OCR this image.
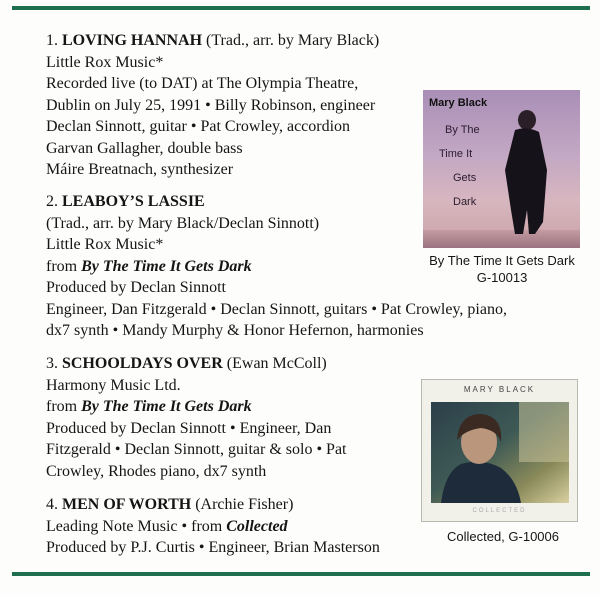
1. LOVING HANNAH (Trad., arr. by Mary Black)
Little Rox Music*
Recorded live (to DAT) at The Olympia Theatre,
Dublin on July 25, 1991 • Billy Robinson, engineer
Declan Sinnott, guitar • Pat Crowley, accordion
Garvan Gallagher, double bass
Máire Breatnach, synthesizer
2. LEABOY’S LASSIE
(Trad., arr. by Mary Black/Declan Sinnott)
Little Rox Music*
from By The Time It Gets Dark
Produced by Declan Sinnott
Engineer, Dan Fitzgerald • Declan Sinnott, guitars • Pat Crowley, piano,
dx7 synth • Mandy Murphy & Honor Hefernon, harmonies
3. SCHOOLDAYS OVER (Ewan McColl)
Harmony Music Ltd.
from By The Time It Gets Dark
Produced by Declan Sinnott • Engineer, Dan
Fitzgerald • Declan Sinnott, guitar & solo • Pat
Crowley, Rhodes piano, dx7 synth
4. MEN OF WORTH (Archie Fisher)
Leading Note Music • from Collected
Produced by P.J. Curtis • Engineer, Brian Masterson
Mary Black
By The
Time It
Gets
Dark
By The Time It Gets Dark
G-10013
MARY BLACK
COLLECTED
Collected, G-10006
